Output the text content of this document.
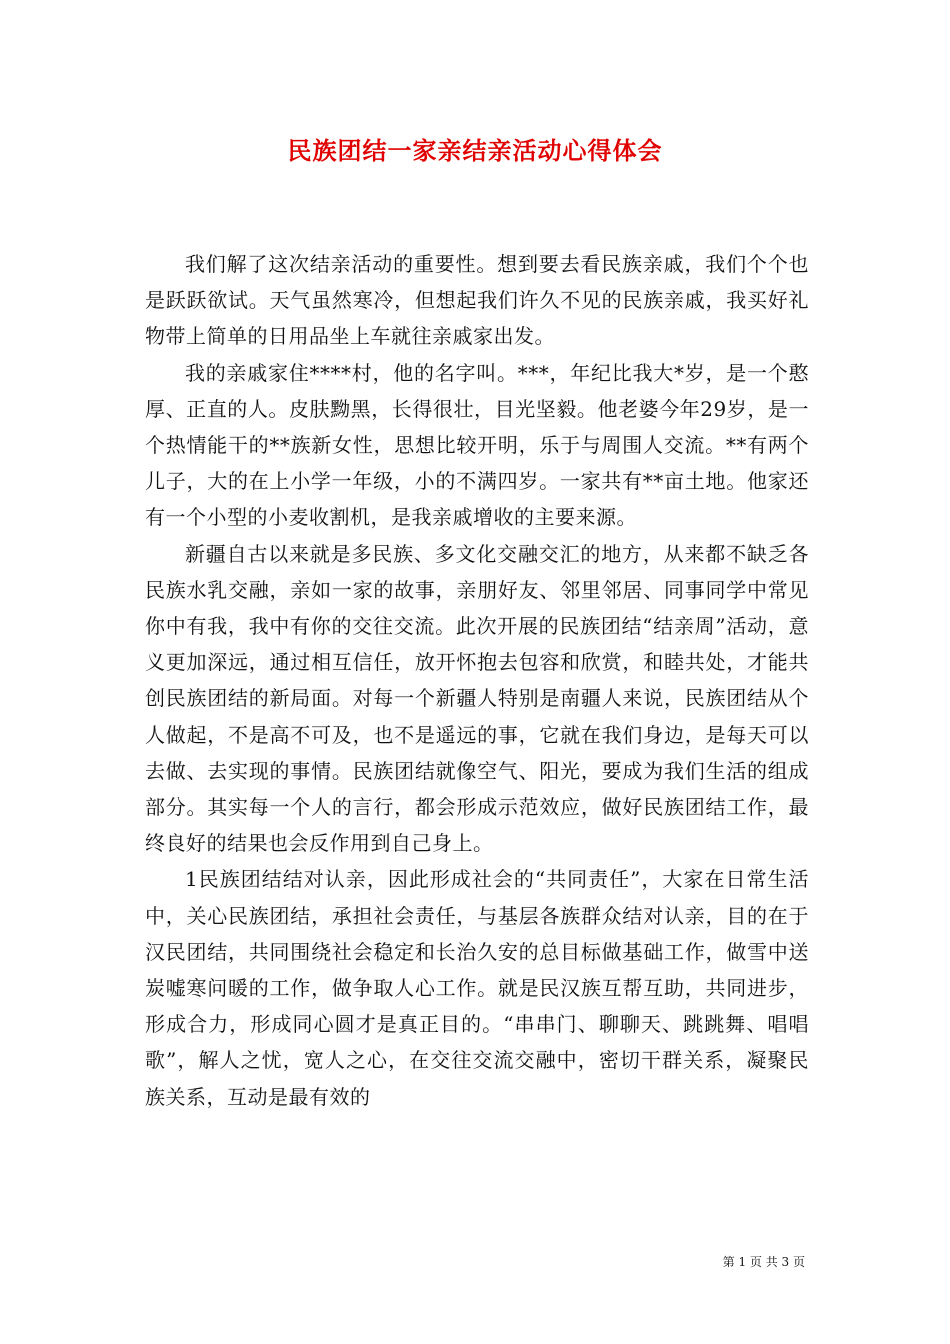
民族团结一家亲结亲活动心得体会

我们解了这次结亲活动的重要性。想到要去看民族亲戚，我们个个也是跃跃欲试。天气虽然寒冷，但想起我们许久不见的民族亲戚，我买好礼物带上简单的日用品坐上车就往亲戚家出发。

我的亲戚家住****村，他的名字叫。***，年纪比我大*岁，是一个憨厚、正直的人。皮肤黝黑，长得很壮，目光坚毅。他老婆今年29岁，是一个热情能干的**族新女性，思想比较开明，乐于与周围人交流。**有两个儿子，大的在上小学一年级，小的不满四岁。一家共有**亩土地。他家还有一个小型的小麦收割机，是我亲戚增收的主要来源。

新疆自古以来就是多民族、多文化交融交汇的地方，从来都不缺乏各民族水乳交融，亲如一家的故事，亲朋好友、邻里邻居、同事同学中常见你中有我，我中有你的交往交流。此次开展的民族团结“结亲周”活动，意义更加深远，通过相互信任，放开怀抱去包容和欣赏，和睦共处，才能共创民族团结的新局面。对每一个新疆人特别是南疆人来说，民族团结从个人做起，不是高不可及，也不是遥远的事，它就在我们身边，是每天可以去做、去实现的事情。民族团结就像空气、阳光，要成为我们生活的组成部分。其实每一个人的言行，都会形成示范效应，做好民族团结工作，最终良好的结果也会反作用到自己身上。

1民族团结结对认亲，因此形成社会的“共同责任”，大家在日常生活中，关心民族团结，承担社会责任，与基层各族群众结对认亲，目的在于汉民团结，共同围绕社会稳定和长治久安的总目标做基础工作，做雪中送炭嘘寒问暖的工作，做争取人心工作。就是民汉族互帮互助，共同进步，形成合力，形成同心圆才是真正目的。“串串门、聊聊天、跳跳舞、唱唱歌”，解人之忧，宽人之心，在交往交流交融中，密切干群关系，凝聚民族关系，互动是最有效的

第 1 页 共 3 页
